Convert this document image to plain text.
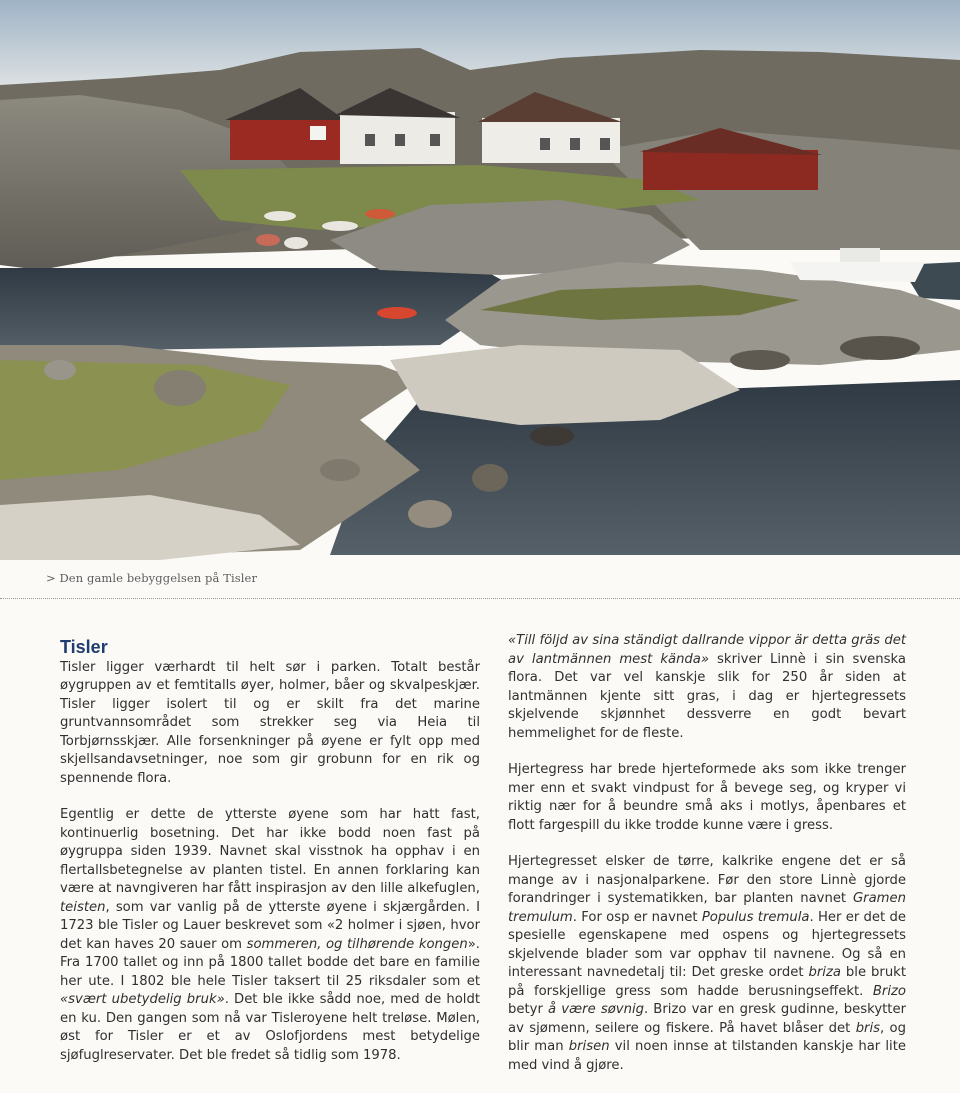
> Den gamle bebyggelsen på Tisler
Tisler

Tisler ligger værhardt til helt sør i parken. Totalt består øygruppen av et femtitalls øyer, holmer, båer og skvalpeskjær. Tisler ligger isolert til og er skilt fra det marine gruntvannsområdet som strekker seg via Heia til Torbjørnsskjær. Alle forsenkninger på øyene er fylt opp med skjellsandavsetninger, noe som gir grobunn for en rik og spennende flora.

Egentlig er dette de ytterste øyene som har hatt fast, kontinuerlig bosetning. Det har ikke bodd noen fast på øygruppa siden 1939. Navnet skal visstnok ha opphav i en flertallsbetegnelse av planten tistel. En annen forklaring kan være at navngiveren har fått inspirasjon av den lille alkefuglen, teisten, som var vanlig på de ytterste øyene i skjærgården. I 1723 ble Tisler og Lauer beskrevet som «2 holmer i sjøen, hvor det kan haves 20 sauer om sommeren, og tilhørende kongen». Fra 1700 tallet og inn på 1800 tallet bodde det bare en familie her ute. I 1802 ble hele Tisler taksert til 25 riksdaler som et «svært ubetydelig bruk». Det ble ikke sådd noe, med de holdt en ku. Den gangen som nå var Tisleroyene helt treløse. Mølen, øst for Tisler er et av Oslofjordens mest betydelige sjøfuglreservater. Det ble fredet så tidlig som 1978.

«Till följd av sina ständigt dallrande vippor är detta gräs det av lantmännen mest kända» skriver Linnè i sin svenska flora. Det var vel kanskje slik for 250 år siden at lantmännen kjente sitt gras, i dag er hjertegressets skjelvende skjønnhet dessverre en godt bevart hemmelighet for de fleste.

Hjertegress har brede hjerteformede aks som ikke trenger mer enn et svakt vindpust for å bevege seg, og kryper vi riktig nær for å beundre små aks i motlys, åpenbares et flott fargespill du ikke trodde kunne være i gress.

Hjertegresset elsker de tørre, kalkrike engene det er så mange av i nasjonalparkene. Før den store Linnè gjorde forandringer i systematikken, bar planten navnet Gramen tremulum. For osp er navnet Populus tremula. Her er det de spesielle egenskapene med ospens og hjertegressets skjelvende blader som var opphav til navnene. Og så en interessant navnedetalj til: Det greske ordet briza ble brukt på forskjellige gress som hadde berusningseffekt. Brizo betyr å være søvnig. Brizo var en gresk gudinne, beskytter av sjømenn, seilere og fiskere. På havet blåser det bris, og blir man brisen vil noen innse at tilstanden kanskje har lite med vind å gjøre.
